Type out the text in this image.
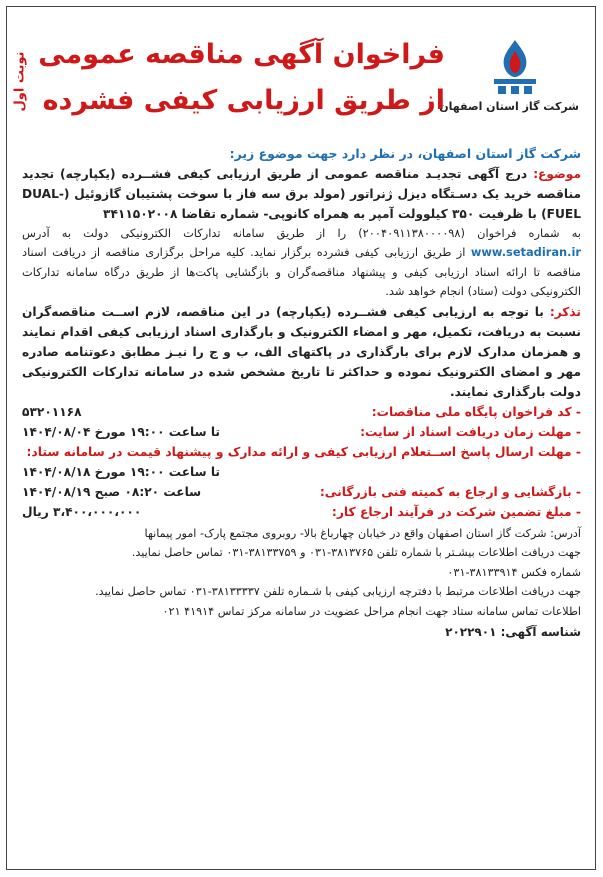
شرکت گاز استان اصفهان
فراخوان آگهی مناقصه عمومی
از طریق ارزیابی کیفی فشرده
نوبت اول

شرکت گاز استان اصفهان، در نظر دارد جهت موضوع زیر:

موضوع: درج آگهی تجدیـد مناقصه عمومی از طریق ارزیابی کیفی فشــرده (یکپارچه) تجدید مناقصه خرید یک دسـتگاه دیزل ژنراتور (مولد برق سه فاز با سوخت پشتیبان گازوئیل (DUAL-FUEL) با ظرفیت ۳۵۰ کیلوولت آمپر به همراه کانوپی- شماره تقاضا ۳۴۱۱۵۰۲۰۰۸

به شماره فراخوان (۲۰۰۴۰۹۱۱۳۸۰۰۰۰۹۸) را از طریق سامانه تدارکات الکترونیکی دولت به آدرس www.setadiran.ir از طریق ارزیابی کیفی فشرده برگزار نماید. کلیه مراحل برگزاری مناقصه از دریافت اسناد مناقصه تا ارائه اسناد ارزیابی کیفی و پیشنهاد مناقصه‌گران و بازگشایی پاکت‌ها از طریق درگاه سامانه تدارکات الکترونیکی دولت (ستاد) انجام خواهد شد.

تذکر: با توجه به ارزیابی کیفی فشــرده (یکپارچه) در این مناقصه، لازم اســت مناقصه‌گران نسبت به دریافت، تکمیل، مهر و امضاء الکترونیک و بارگذاری اسناد ارزیابی کیفی اقدام نمایند و همزمان مدارک لازم برای بارگذاری در پاکتهای الف، ب و ج را نیـز مطابق دعوتنامه صادره مهر و امضای الکترونیک نموده و حداکثر تا تاریخ مشخص شده در سامانه تدارکات الکترونیکی دولت بارگذاری نمایند.

- کد فراخوان پایگاه ملی مناقصات:
۵۳۲۰۱۱۶۸
- مهلت زمان دریافت اسناد از سایت:
تا ساعت ۱۹:۰۰ مورخ ۱۴۰۴/۰۸/۰۴
- مهلت ارسال پاسخ اســتعلام ارزیابی کیفی و ارائه مدارک و پیشنهاد قیمت در سامانه ستاد:
تا ساعت ۱۹:۰۰ مورخ ۱۴۰۴/۰۸/۱۸
- بازگشایی و ارجاع به کمیته فنی بازرگانی:
ساعت ۰۸:۲۰ صبح ۱۴۰۴/۰۸/۱۹
- مبلغ تضمین شرکت در فرآیند ارجاع کار:
۳،۴۰۰،۰۰۰،۰۰۰ ریال

آدرس: شرکت گاز استان اصفهان واقع در خیابان چهارباغ بالا- روبروی مجتمع پارک- امور پیمانها

جهت دریافت اطلاعات بیشـتر با شماره تلفن ۳۸۱۳۷۶۵-۰۳۱ و ۳۸۱۳۳۷۵۹-۰۳۱ تماس حاصل نمایید.

شماره فکس ۳۸۱۳۳۹۱۴-۰۳۱

جهت دریافت اطلاعات مرتبط با دفترچه ارزیابی کیفی با شـماره تلفن ۳۸۱۳۳۳۳۷-۰۳۱ تماس حاصل نمایید.

اطلاعات تماس سامانه ستاد جهت انجام مراحل عضویت در سامانه مرکز تماس ۴۱۹۱۴ ۰۲۱

شناسه آگهی: ۲۰۲۲۹۰۱
